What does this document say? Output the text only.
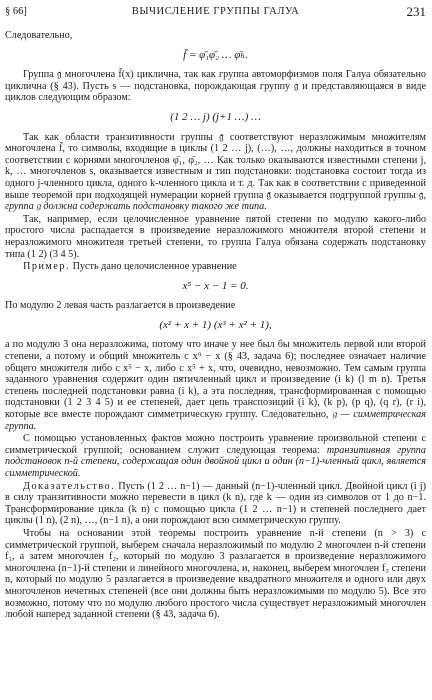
§ 66]	ВЫЧИСЛЕНИЕ ГРУППЫ ГАЛУА	231

Следовательно,

f̄ = φ̄₁φ̄₂ … φ̄ₕ.

Группа 𝔤 многочлена f̄(x) циклична, так как группа автоморфизмов поля Галуа обязательно циклична (§ 43). Пусть s — подстановка, порождающая группу 𝔤 и представляющаяся в виде циклов следующим образом:

(1 2 … j) (j+1 …) …

Так как области транзитивности группы 𝔤̄ соответствуют неразложимым множителям многочлена f̄, то символы, входящие в циклы (1 2 … j), (…), …, должны находиться в точном соответствии с корнями многочленов φ̄₁, φ̄₂, … Как только оказываются известными степени j, k, … многочленов s, оказывается известным и тип подстановки: подстановка состоит тогда из одного j-членного цикла, одного k-членного цикла и т. д. Так как в соответствии с приведенной выше теоремой при подходящей нумерации корней группа 𝔤̄ оказывается подгруппой группы 𝔤, группа 𝔤 должна содержать подстановку такого же типа.

Так, например, если целочисленное уравнение пятой степени по модулю какого-либо простого числа распадается в произведение неразложимого множителя второй степени и неразложимого множителя третьей степени, то группа Галуа обязана содержать подстановку типа (1 2) (3 4 5).

Пример. Пусть дано целочисленное уравнение

x⁵ − x − 1 = 0.

По модулю 2 левая часть разлагается в произведение

(x² + x + 1) (x³ + x² + 1),

а по модулю 3 она неразложима, потому что иначе у нее был бы множитель первой или второй степени, а потому и общий множитель с x⁹ − x (§ 43, задача 6); последнее означает наличие общего множителя либо с x⁵ − x, либо с x⁵ + x, что, очевидно, невозможно. Тем самым группа заданного уравнения содержит один пятичленный цикл и произведение (i k) (l m n). Третья степень последней подстановки равна (i k), а эта последняя, трансформированная с помощью подстановки (1 2 3 4 5) и ее степеней, дает цепь транспозиций (i k), (k p), (p q), (q r), (r i), которые все вместе порождают симметрическую группу. Следовательно, 𝔤 — симметрическая группа.

С помощью установленных фактов можно построить уравнение произвольной степени с симметрической группой; основанием служит следующая теорема: транзитивная группа подстановок n-й степени, содержащая один двойной цикл и один (n−1)-членный цикл, является симметрической.

Доказательство. Пусть (1 2 … n−1) — данный (n−1)-членный цикл. Двойной цикл (i j) в силу транзитивности можно перевести в цикл (k n), где k — один из символов от 1 до n−1. Трансформирование цикла (k n) с помощью цикла (1 2 … n−1) и степеней последнего дает циклы (1 n), (2 n), …, (n−1 n), а они порождают всю симметрическую группу.

Чтобы на основании этой теоремы построить уравнение n-й степени (n > 3) с симметрической группой, выберем сначала неразложимый по модулю 2 многочлен n-й степени f₁, а затем многочлен f₂, который по модулю 3 разлагается в произведение неразложимого многочлена (n−1)-й степени и линейного многочлена, и, наконец, выберем многочлен f₃ степени n, который по модулю 5 разлагается в произведение квадратного множителя и одного или двух многочленов нечетных степеней (все они должны быть неразложимыми по модулю 5). Все это возможно, потому что по модулю любого простого числа существует неразложимый многочлен любой наперед заданной степени (§ 43, задача 6).
